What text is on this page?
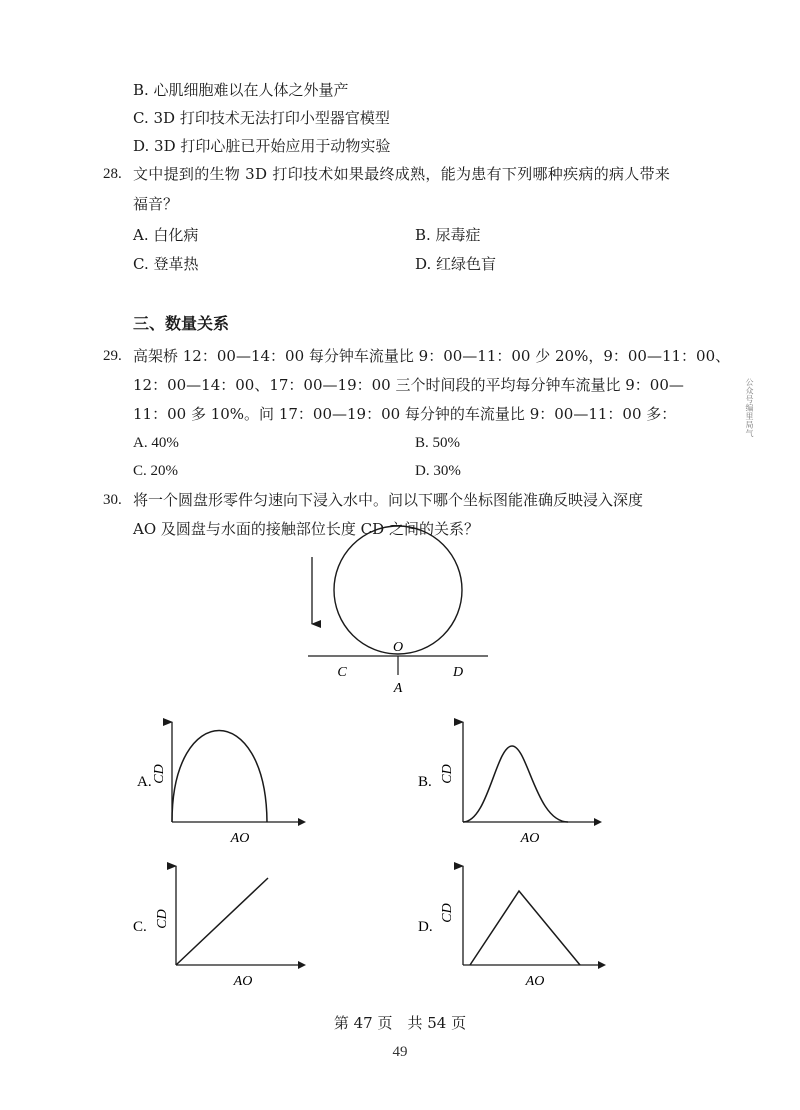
B. 心肌细胞难以在人体之外量产
C. 3D 打印技术无法打印小型器官模型
D. 3D 打印心脏已开始应用于动物实验
28. 文中提到的生物 3D 打印技术如果最终成熟，能为患有下列哪种疾病的病人带来
福音？
A. 白化病	B. 尿毒症
C. 登革热	D. 红绿色盲
三、数量关系
29. 高架桥 12：00—14：00 每分钟车流量比 9：00—11：00 少 20%，9：00—11：00、
12：00—14：00、17：00—19：00 三个时间段的平均每分钟车流量比 9：00—
11：00 多 10%。问 17：00—19：00 每分钟的车流量比 9：00—11：00 多：
A. 40%	B. 50%
C. 20%	D. 30%
30. 将一个圆盘形零件匀速向下浸入水中。问以下哪个坐标图能准确反映浸入深度
AO 及圆盘与水面的接触部位长度 CD 之间的关系？
O
C	D
A
A. CD
AO
B. CD
AO
C. CD
AO
D.
CD
AO
第 47 页　共 54 页
49
公众号编里局气
